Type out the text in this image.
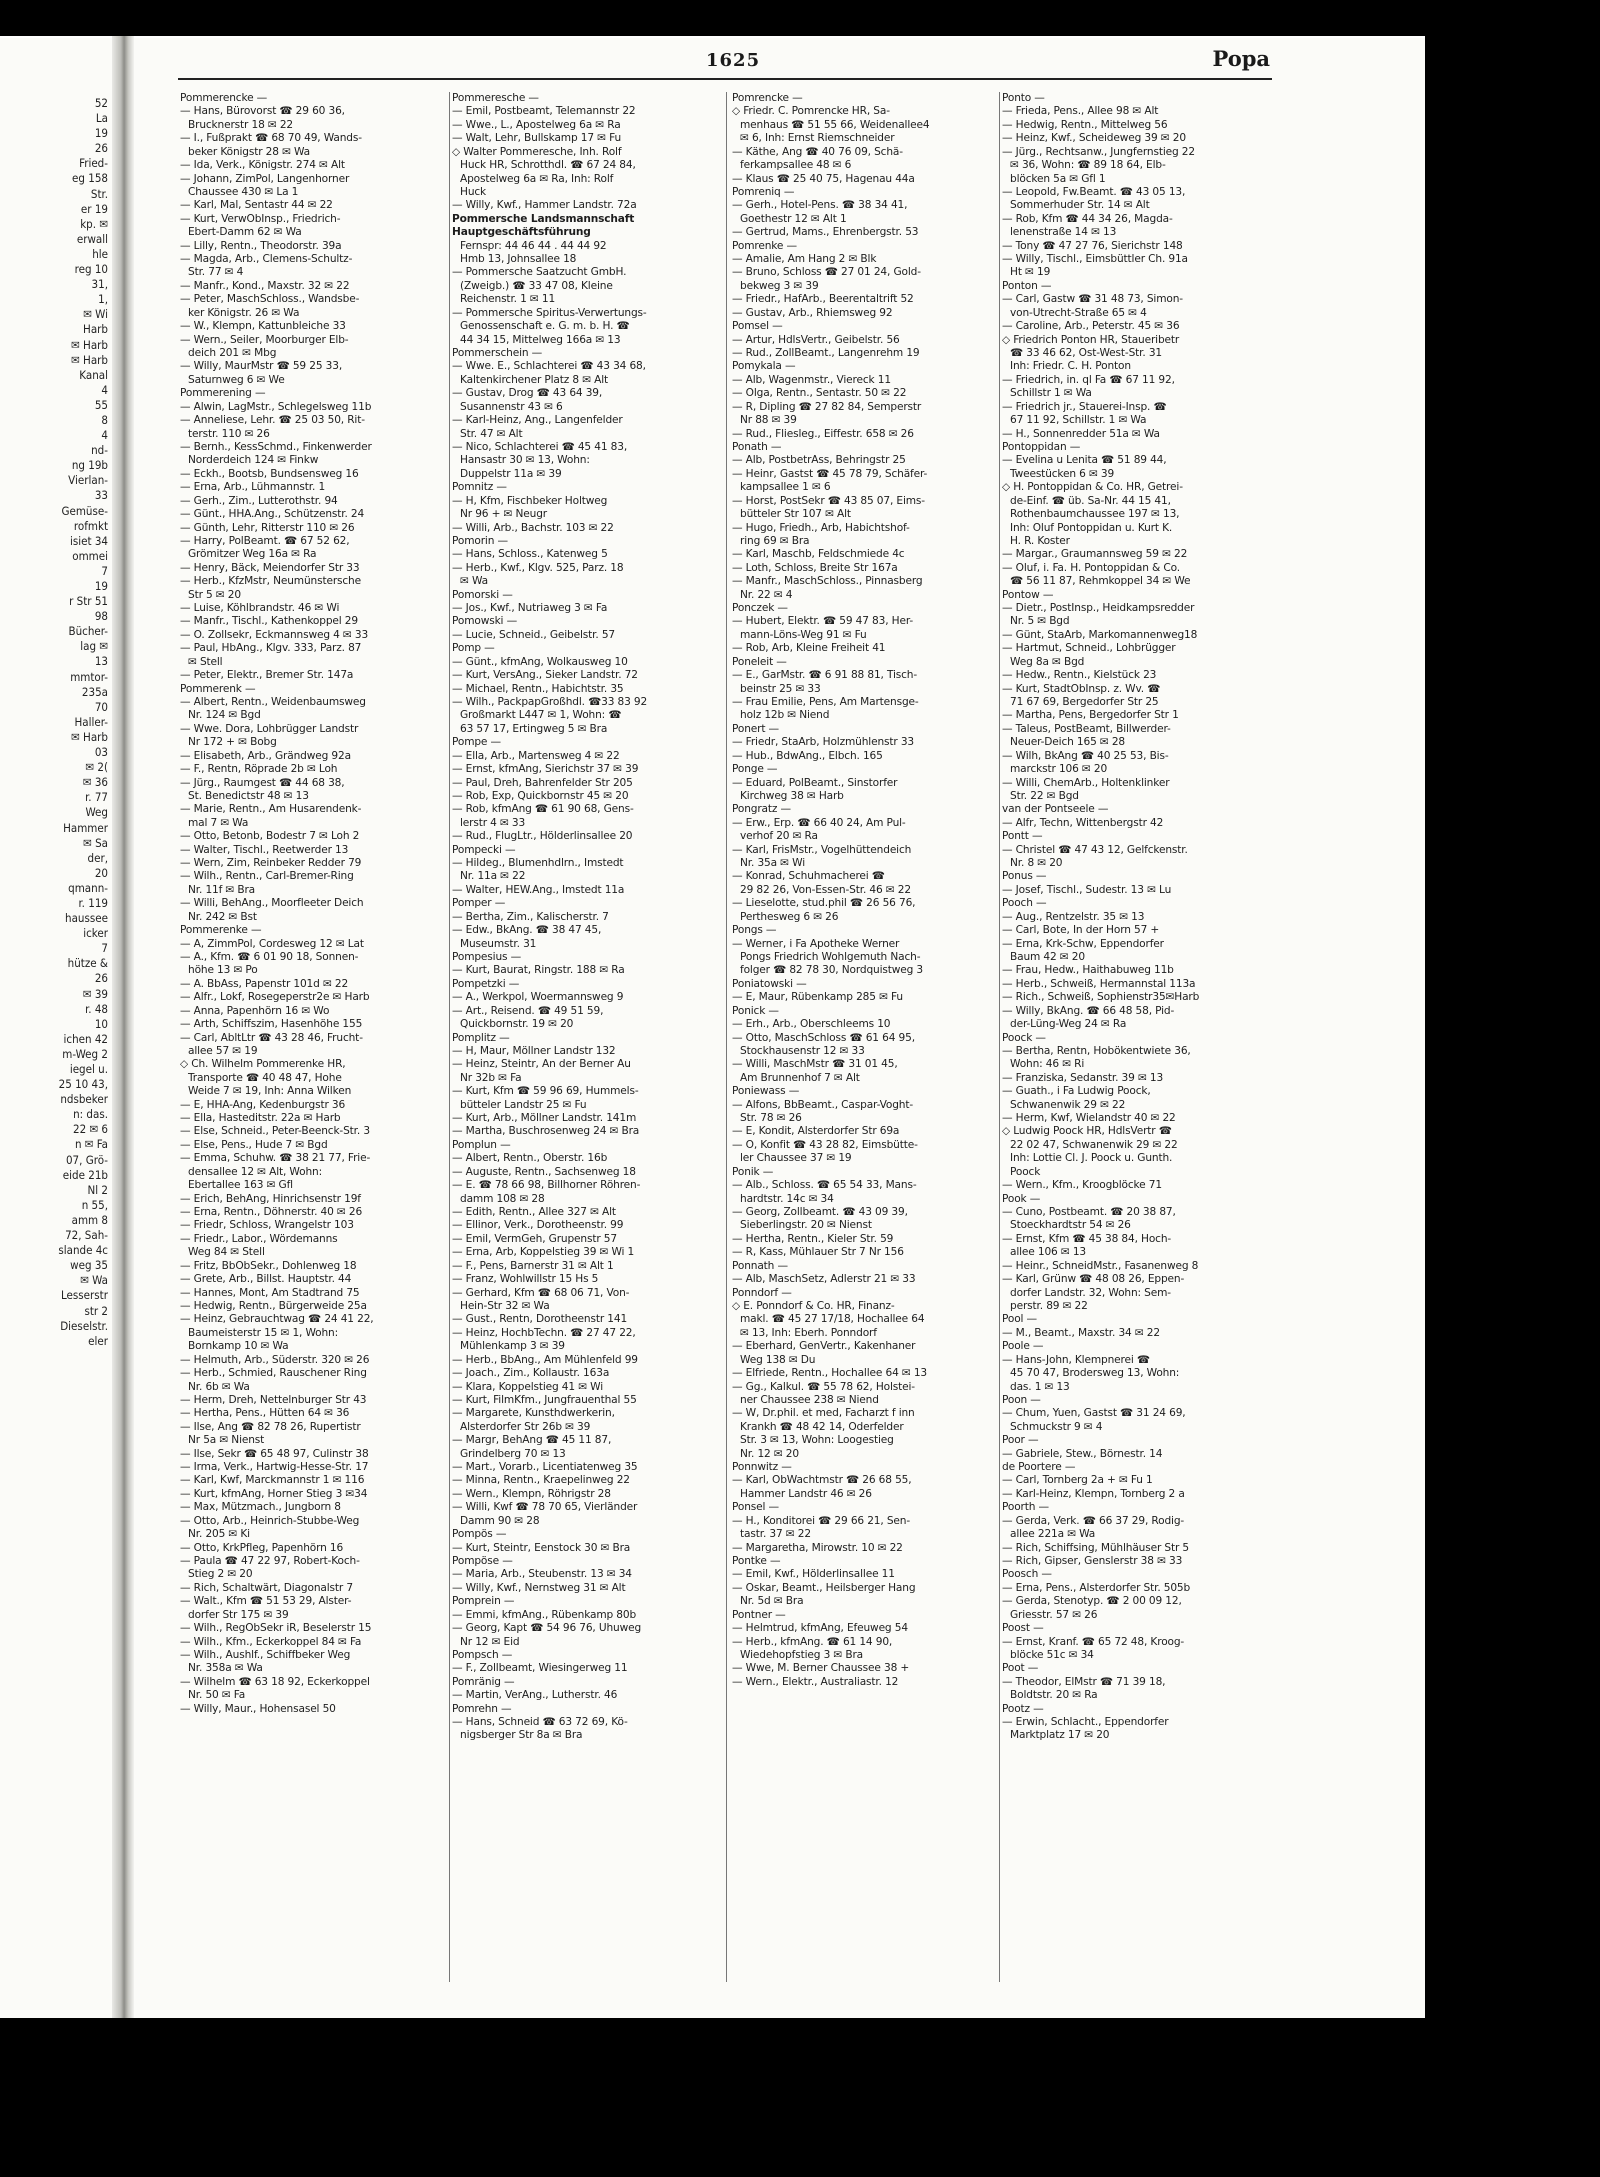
52
La
19
26
Fried-
eg 158
Str.
er 19
kp. ✉
erwall
hle
reg 10
31,
1,
✉ Wi
Harb
✉ Harb
✉ Harb
Kanal
4
55
8
4
nd-
ng 19b
Vierlan-
33
Gemüse-
rofmkt
isiet 34
ommei
7
19
r Str 51
98
Bücher-
lag ✉
13
mmtor-
235a
70
Haller-
✉ Harb
03
✉ 2(
✉ 36
r. 77
Weg
Hammer
✉ Sa
der,
20
qmann-
r. 119
haussee
icker
7
hütze &
26
✉ 39
r. 48
10
ichen 42
m-Weg 2
iegel u.
25 10 43,
ndsbeker
n: das.
22 ✉ 6
n ✉ Fa
07, Grö-
eide 21b
Nl 2
n 55,
amm 8
72, Sah-
slande 4c
weg 35
✉ Wa
Lesserstr
str 2
Dieselstr.
eler
1625	Popa
Pommerencke —
— Hans, Bürovorst ☎ 29 60 36,
Brucknerstr 18 ✉ 22
— I., Fußprakt ☎ 68 70 49, Wands-
beker Königstr 28 ✉ Wa
— Ida, Verk., Königstr. 274 ✉ Alt
— Johann, ZimPol, Langenhorner
Chaussee 430 ✉ La 1
— Karl, Mal, Sentastr 44 ✉ 22
— Kurt, VerwObInsp., Friedrich-
Ebert-Damm 62 ✉ Wa
— Lilly, Rentn., Theodorstr. 39a
— Magda, Arb., Clemens-Schultz-
Str. 77 ✉ 4
— Manfr., Kond., Maxstr. 32 ✉ 22
— Peter, MaschSchloss., Wandsbe-
ker Königstr. 26 ✉ Wa
— W., Klempn, Kattunbleiche 33
— Wern., Seiler, Moorburger Elb-
deich 201 ✉ Mbg
— Willy, MaurMstr ☎ 59 25 33,
Saturnweg 6 ✉ We
Pommerening —
— Alwin, LagMstr., Schlegelsweg 11b
— Anneliese, Lehr. ☎ 25 03 50, Rit-
terstr. 110 ✉ 26
— Bernh., KessSchmd., Finkenwerder
Norderdeich 124 ✉ Finkw
— Eckh., Bootsb, Bundsensweg 16
— Erna, Arb., Lühmannstr. 1
— Gerh., Zim., Lutterothstr. 94
— Günt., HHA.Ang., Schützenstr. 24
— Günth, Lehr, Ritterstr 110 ✉ 26
— Harry, PolBeamt. ☎ 67 52 62,
Grömitzer Weg 16a ✉ Ra
— Henry, Bäck, Meiendorfer Str 33
— Herb., KfzMstr, Neumünstersche
Str 5 ✉ 20
— Luise, Köhlbrandstr. 46 ✉ Wi
— Manfr., Tischl., Kathenkoppel 29
— O. Zollsekr, Eckmannsweg 4 ✉ 33
— Paul, HbAng., Klgv. 333, Parz. 87
✉ Stell
— Peter, Elektr., Bremer Str. 147a
Pommerenk —
— Albert, Rentn., Weidenbaumsweg
Nr. 124 ✉ Bgd
— Wwe. Dora, Lohbrügger Landstr
Nr 172 + ✉ Bobg
— Elisabeth, Arb., Grändweg 92a
— F., Rentn, Röprade 2b ✉ Loh
— Jürg., Raumgest ☎ 44 68 38,
St. Benedictstr 48 ✉ 13
— Marie, Rentn., Am Husarendenk-
mal 7 ✉ Wa
— Otto, Betonb, Bodestr 7 ✉ Loh 2
— Walter, Tischl., Reetwerder 13
— Wern, Zim, Reinbeker Redder 79
— Wilh., Rentn., Carl-Bremer-Ring
Nr. 11f ✉ Bra
— Willi, BehAng., Moorfleeter Deich
Nr. 242 ✉ Bst
Pommerenke —
— A, ZimmPol, Cordesweg 12 ✉ Lat
— A., Kfm. ☎ 6 01 90 18, Sonnen-
höhe 13 ✉ Po
— A. BbAss, Papenstr 101d ✉ 22
— Alfr., Lokf, Rosegeperstr2e ✉ Harb
— Anna, Papenhörn 16 ✉ Wo
— Arth, Schiffszim, Hasenhöhe 155
— Carl, AbltLtr ☎ 43 28 46, Frucht-
allee 57 ✉ 19
◇ Ch. Wilhelm Pommerenke HR,
Transporte ☎ 40 48 47, Hohe
Weide 7 ✉ 19, Inh: Anna Wilken
— E, HHA-Ang, Kedenburgstr 36
— Ella, Hasteditstr. 22a ✉ Harb
— Else, Schneid., Peter-Beenck-Str. 3
— Else, Pens., Hude 7 ✉ Bgd
— Emma, Schuhw. ☎ 38 21 77, Frie-
densallee 12 ✉ Alt, Wohn:
Ebertallee 163 ✉ Gfl
— Erich, BehAng, Hinrichsenstr 19f
— Erna, Rentn., Döhnerstr. 40 ✉ 26
— Friedr, Schloss, Wrangelstr 103
— Friedr., Labor., Wördemanns
Weg 84 ✉ Stell
— Fritz, BbObSekr., Dohlenweg 18
— Grete, Arb., Billst. Hauptstr. 44
— Hannes, Mont, Am Stadtrand 75
— Hedwig, Rentn., Bürgerweide 25a
— Heinz, Gebrauchtwag ☎ 24 41 22,
Baumeisterstr 15 ✉ 1, Wohn:
Bornkamp 10 ✉ Wa
— Helmuth, Arb., Süderstr. 320 ✉ 26
— Herb., Schmied, Rauschener Ring
Nr. 6b ✉ Wa
— Herm, Dreh, Nettelnburger Str 43
— Hertha, Pens., Hütten 64 ✉ 36
— Ilse, Ang ☎ 82 78 26, Rupertistr
Nr 5a ✉ Nienst
— Ilse, Sekr ☎ 65 48 97, Culinstr 38
— Irma, Verk., Hartwig-Hesse-Str. 17
— Karl, Kwf, Marckmannstr 1 ✉ 116
— Kurt, kfmAng, Horner Stieg 3 ✉34
— Max, Mützmach., Jungborn 8
— Otto, Arb., Heinrich-Stubbe-Weg
Nr. 205 ✉ Ki
— Otto, KrkPfleg, Papenhörn 16
— Paula ☎ 47 22 97, Robert-Koch-
Stieg 2 ✉ 20
— Rich, Schaltwärt, Diagonalstr 7
— Walt., Kfm ☎ 51 53 29, Alster-
dorfer Str 175 ✉ 39
— Wilh., RegObSekr iR, Beselerstr 15
— Wilh., Kfm., Eckerkoppel 84 ✉ Fa
— Wilh., Aushlf., Schiffbeker Weg
Nr. 358a ✉ Wa
— Wilhelm ☎ 63 18 92, Eckerkoppel
Nr. 50 ✉ Fa
— Willy, Maur., Hohensasel 50
Pommeresche —
— Emil, Postbeamt, Telemannstr 22
— Wwe., L., Apostelweg 6a ✉ Ra
— Walt, Lehr, Bullskamp 17 ✉ Fu
◇ Walter Pommeresche, Inh. Rolf
Huck HR, Schrotthdl. ☎ 67 24 84,
Apostelweg 6a ✉ Ra, Inh: Rolf
Huck
— Willy, Kwf., Hammer Landstr. 72a
Pommersche Landsmannschaft
Hauptgeschäftsführung
Fernspr: 44 46 44 . 44 44 92
Hmb 13, Johnsallee 18
— Pommersche Saatzucht GmbH.
(Zweigb.) ☎ 33 47 08, Kleine
Reichenstr. 1 ✉ 11
— Pommersche Spiritus-Verwertungs-
Genossenschaft e. G. m. b. H. ☎
44 34 15, Mittelweg 166a ✉ 13
Pommerschein —
— Wwe. E., Schlachterei ☎ 43 34 68,
Kaltenkirchener Platz 8 ✉ Alt
— Gustav, Drog ☎ 43 64 39,
Susannenstr 43 ✉ 6
— Karl-Heinz, Ang., Langenfelder
Str. 47 ✉ Alt
— Nico, Schlachterei ☎ 45 41 83,
Hansastr 30 ✉ 13, Wohn:
Duppelstr 11a ✉ 39
Pomnitz —
— H, Kfm, Fischbeker Holtweg
Nr 96 + ✉ Neugr
— Willi, Arb., Bachstr. 103 ✉ 22
Pomorin —
— Hans, Schloss., Katenweg 5
— Herb., Kwf., Klgv. 525, Parz. 18
✉ Wa
Pomorski —
— Jos., Kwf., Nutriaweg 3 ✉ Fa
Pomowski —
— Lucie, Schneid., Geibelstr. 57
Pomp —
— Günt., kfmAng, Wolkausweg 10
— Kurt, VersAng., Sieker Landstr. 72
— Michael, Rentn., Habichtstr. 35
— Wilh., PackpapGroßhdl. ☎33 83 92
Großmarkt L447 ✉ 1, Wohn: ☎
63 57 17, Ertingweg 5 ✉ Bra
Pompe —
— Ella, Arb., Martensweg 4 ✉ 22
— Ernst, kfmAng, Sierichstr 37 ✉ 39
— Paul, Dreh, Bahrenfelder Str 205
— Rob, Exp, Quickbornstr 45 ✉ 20
— Rob, kfmAng ☎ 61 90 68, Gens-
lerstr 4 ✉ 33
— Rud., FlugLtr., Hölderlinsallee 20
Pompecki —
— Hildeg., Blumenhdlrn., Imstedt
Nr. 11a ✉ 22
— Walter, HEW.Ang., Imstedt 11a
Pomper —
— Bertha, Zim., Kalischerstr. 7
— Edw., BkAng. ☎ 38 47 45,
Museumstr. 31
Pompesius —
— Kurt, Baurat, Ringstr. 188 ✉ Ra
Pompetzki —
— A., Werkpol, Woermannsweg 9
— Art., Reisend. ☎ 49 51 59,
Quickbornstr. 19 ✉ 20
Pomplitz —
— H, Maur, Möllner Landstr 132
— Heinz, Steintr, An der Berner Au
Nr 32b ✉ Fa
— Kurt, Kfm ☎ 59 96 69, Hummels-
bütteler Landstr 25 ✉ Fu
— Kurt, Arb., Möllner Landstr. 141m
— Martha, Buschrosenweg 24 ✉ Bra
Pomplun —
— Albert, Rentn., Oberstr. 16b
— Auguste, Rentn., Sachsenweg 18
— E. ☎ 78 66 98, Billhorner Röhren-
damm 108 ✉ 28
— Edith, Rentn., Allee 327 ✉ Alt
— Ellinor, Verk., Dorotheenstr. 99
— Emil, VermGeh, Grupenstr 57
— Erna, Arb, Koppelstieg 39 ✉ Wi 1
— F., Pens, Barnerstr 31 ✉ Alt 1
— Franz, Wohlwillstr 15 Hs 5
— Gerhard, Kfm ☎ 68 06 71, Von-
Hein-Str 32 ✉ Wa
— Gust., Rentn, Dorotheenstr 141
— Heinz, HochbTechn. ☎ 27 47 22,
Mühlenkamp 3 ✉ 39
— Herb., BbAng., Am Mühlenfeld 99
— Joach., Zim., Kollaustr. 163a
— Klara, Koppelstieg 41 ✉ Wi
— Kurt, FilmKfm., Jungfrauenthal 55
— Margarete, Kunsthdwerkerin,
Alsterdorfer Str 26b ✉ 39
— Margr, BehAng ☎ 45 11 87,
Grindelberg 70 ✉ 13
— Mart., Vorarb., Licentiatenweg 35
— Minna, Rentn., Kraepelinweg 22
— Wern., Klempn, Röhrigstr 28
— Willi, Kwf ☎ 78 70 65, Vierländer
Damm 90 ✉ 28
Pompös —
— Kurt, Steintr, Eenstock 30 ✉ Bra
Pompöse —
— Maria, Arb., Steubenstr. 13 ✉ 34
— Willy, Kwf., Nernstweg 31 ✉ Alt
Pomprein —
— Emmi, kfmAng., Rübenkamp 80b
— Georg, Kapt ☎ 54 96 76, Uhuweg
Nr 12 ✉ Eid
Pompsch —
— F., Zollbeamt, Wiesingerweg 11
Pomränig —
— Martin, VerAng., Lutherstr. 46
Pomrehn —
— Hans, Schneid ☎ 63 72 69, Kö-
nigsberger Str 8a ✉ Bra
Pomrencke —
◇ Friedr. C. Pomrencke HR, Sa-
menhaus ☎ 51 55 66, Weidenallee4
✉ 6, Inh: Ernst Riemschneider
— Käthe, Ang ☎ 40 76 09, Schä-
ferkampsallee 48 ✉ 6
— Klaus ☎ 25 40 75, Hagenau 44a
Pomreniq —
— Gerh., Hotel-Pens. ☎ 38 34 41,
Goethestr 12 ✉ Alt 1
— Gertrud, Mams., Ehrenbergstr. 53
Pomrenke —
— Amalie, Am Hang 2 ✉ Blk
— Bruno, Schloss ☎ 27 01 24, Gold-
bekweg 3 ✉ 39
— Friedr., HafArb., Beerentaltrift 52
— Gustav, Arb., Rhiemsweg 92
Pomsel —
— Artur, HdlsVertr., Geibelstr. 56
— Rud., ZollBeamt., Langenrehm 19
Pomykala —
— Alb, Wagenmstr., Viereck 11
— Olga, Rentn., Sentastr. 50 ✉ 22
— R, Dipling ☎ 27 82 84, Semperstr
Nr 88 ✉ 39
— Rud., Fliesleg., Eiffestr. 658 ✉ 26
Ponath —
— Alb, PostbetrAss, Behringstr 25
— Heinr, Gastst ☎ 45 78 79, Schäfer-
kampsallee 1 ✉ 6
— Horst, PostSekr ☎ 43 85 07, Eims-
bütteler Str 107 ✉ Alt
— Hugo, Friedh., Arb, Habichtshof-
ring 69 ✉ Bra
— Karl, Maschb, Feldschmiede 4c
— Loth, Schloss, Breite Str 167a
— Manfr., MaschSchloss., Pinnasberg
Nr. 22 ✉ 4
Ponczek —
— Hubert, Elektr. ☎ 59 47 83, Her-
mann-Löns-Weg 91 ✉ Fu
— Rob, Arb, Kleine Freiheit 41
Poneleit —
— E., GarMstr. ☎ 6 91 88 81, Tisch-
beinstr 25 ✉ 33
— Frau Emilie, Pens, Am Martensge-
holz 12b ✉ Niend
Ponert —
— Friedr, StaArb, Holzmühlenstr 33
— Hub., BdwAng., Elbch. 165
Ponge —
— Eduard, PolBeamt., Sinstorfer
Kirchweg 38 ✉ Harb
Pongratz —
— Erw., Erp. ☎ 66 40 24, Am Pul-
verhof 20 ✉ Ra
— Karl, FrisMstr., Vogelhüttendeich
Nr. 35a ✉ Wi
— Konrad, Schuhmacherei ☎
29 82 26, Von-Essen-Str. 46 ✉ 22
— Lieselotte, stud.phil ☎ 26 56 76,
Perthesweg 6 ✉ 26
Pongs —
— Werner, i Fa Apotheke Werner
Pongs Friedrich Wohlgemuth Nach-
folger ☎ 82 78 30, Nordquistweg 3
Poniatowski —
— E, Maur, Rübenkamp 285 ✉ Fu
Ponick —
— Erh., Arb., Oberschleems 10
— Otto, MaschSchloss ☎ 61 64 95,
Stockhausenstr 12 ✉ 33
— Willi, MaschMstr ☎ 31 01 45,
Am Brunnenhof 7 ✉ Alt
Poniewass —
— Alfons, BbBeamt., Caspar-Voght-
Str. 78 ✉ 26
— E, Kondit, Alsterdorfer Str 69a
— O, Konfit ☎ 43 28 82, Eimsbütte-
ler Chaussee 37 ✉ 19
Ponik —
— Alb., Schloss. ☎ 65 54 33, Mans-
hardtstr. 14c ✉ 34
— Georg, Zollbeamt. ☎ 43 09 39,
Sieberlingstr. 20 ✉ Nienst
— Hertha, Rentn., Kieler Str. 59
— R, Kass, Mühlauer Str 7 Nr 156
Ponnath —
— Alb, MaschSetz, Adlerstr 21 ✉ 33
Ponndorf —
◇ E. Ponndorf & Co. HR, Finanz-
makl. ☎ 45 27 17/18, Hochallee 64
✉ 13, Inh: Eberh. Ponndorf
— Eberhard, GenVertr., Kakenhaner
Weg 138 ✉ Du
— Elfriede, Rentn., Hochallee 64 ✉ 13
— Gg., Kalkul. ☎ 55 78 62, Holstei-
ner Chaussee 238 ✉ Niend
— W, Dr.phil. et med, Facharzt f inn
Krankh ☎ 48 42 14, Oderfelder
Str. 3 ✉ 13, Wohn: Loogestieg
Nr. 12 ✉ 20
Ponnwitz —
— Karl, ObWachtmstr ☎ 26 68 55,
Hammer Landstr 46 ✉ 26
Ponsel —
— H., Konditorei ☎ 29 66 21, Sen-
tastr. 37 ✉ 22
— Margaretha, Mirowstr. 10 ✉ 22
Pontke —
— Emil, Kwf., Hölderlinsallee 11
— Oskar, Beamt., Heilsberger Hang
Nr. 5d ✉ Bra
Pontner —
— Helmtrud, kfmAng, Efeuweg 54
— Herb., kfmAng. ☎ 61 14 90,
Wiedehopfstieg 3 ✉ Bra
— Wwe, M. Berner Chaussee 38 +
— Wern., Elektr., Australiastr. 12
Ponto —
— Frieda, Pens., Allee 98 ✉ Alt
— Hedwig, Rentn., Mittelweg 56
— Heinz, Kwf., Scheideweg 39 ✉ 20
— Jürg., Rechtsanw., Jungfernstieg 22
✉ 36, Wohn: ☎ 89 18 64, Elb-
blöcken 5a ✉ Gfl 1
— Leopold, Fw.Beamt. ☎ 43 05 13,
Sommerhuder Str. 14 ✉ Alt
— Rob, Kfm ☎ 44 34 26, Magda-
lenenstraße 14 ✉ 13
— Tony ☎ 47 27 76, Sierichstr 148
— Willy, Tischl., Eimsbüttler Ch. 91a
Ht ✉ 19
Ponton —
— Carl, Gastw ☎ 31 48 73, Simon-
von-Utrecht-Straße 65 ✉ 4
— Caroline, Arb., Peterstr. 45 ✉ 36
◇ Friedrich Ponton HR, Staueribetr
☎ 33 46 62, Ost-West-Str. 31
Inh: Friedr. C. H. Ponton
— Friedrich, in. ql Fa ☎ 67 11 92,
Schillstr 1 ✉ Wa
— Friedrich jr., Stauerei-Insp. ☎
67 11 92, Schillstr. 1 ✉ Wa
— H., Sonnenredder 51a ✉ Wa
Pontoppidan —
— Evelina u Lenita ☎ 51 89 44,
Tweestücken 6 ✉ 39
◇ H. Pontoppidan & Co. HR, Getrei-
de-Einf. ☎ üb. Sa-Nr. 44 15 41,
Rothenbaumchaussee 197 ✉ 13,
Inh: Oluf Pontoppidan u. Kurt K.
H. R. Koster
— Margar., Graumannsweg 59 ✉ 22
— Oluf, i. Fa. H. Pontoppidan & Co.
☎ 56 11 87, Rehmkoppel 34 ✉ We
Pontow —
— Dietr., PostInsp., Heidkampsredder
Nr. 5 ✉ Bgd
— Günt, StaArb, Markomannenweg18
— Hartmut, Schneid., Lohbrügger
Weg 8a ✉ Bgd
— Hedw., Rentn., Kielstück 23
— Kurt, StadtObInsp. z. Wv. ☎
71 67 69, Bergedorfer Str 25
— Martha, Pens, Bergedorfer Str 1
— Taleus, PostBeamt, Billwerder-
Neuer-Deich 165 ✉ 28
— Wilh, BkAng ☎ 40 25 53, Bis-
marckstr 106 ✉ 20
— Willi, ChemArb., Holtenklinker
Str. 22 ✉ Bgd
van der Pontseele —
— Alfr, Techn, Wittenbergstr 42
Pontt —
— Christel ☎ 47 43 12, Gelfckenstr.
Nr. 8 ✉ 20
Ponus —
— Josef, Tischl., Sudestr. 13 ✉ Lu
Pooch —
— Aug., Rentzelstr. 35 ✉ 13
— Carl, Bote, In der Horn 57 +
— Erna, Krk-Schw, Eppendorfer
Baum 42 ✉ 20
— Frau, Hedw., Haithabuweg 11b
— Herb., Schweiß, Hermannstal 113a
— Rich., Schweiß, Sophienstr35✉Harb
— Willy, BkAng. ☎ 66 48 58, Pid-
der-Lüng-Weg 24 ✉ Ra
Poock —
— Bertha, Rentn, Hobökentwiete 36,
Wohn: 46 ✉ Ri
— Franziska, Sedanstr. 39 ✉ 13
— Guath., i Fa Ludwig Poock,
Schwanenwik 29 ✉ 22
— Herm, Kwf, Wielandstr 40 ✉ 22
◇ Ludwig Poock HR, HdlsVertr ☎
22 02 47, Schwanenwik 29 ✉ 22
Inh: Lottie Cl. J. Poock u. Gunth.
Poock
— Wern., Kfm., Kroogblöcke 71
Pook —
— Cuno, Postbeamt. ☎ 20 38 87,
Stoeckhardtstr 54 ✉ 26
— Ernst, Kfm ☎ 45 38 84, Hoch-
allee 106 ✉ 13
— Heinr., SchneidMstr., Fasanenweg 8
— Karl, Grünw ☎ 48 08 26, Eppen-
dorfer Landstr. 32, Wohn: Sem-
perstr. 89 ✉ 22
Pool —
— M., Beamt., Maxstr. 34 ✉ 22
Poole —
— Hans-John, Klempnerei ☎
45 70 47, Brodersweg 13, Wohn:
das. 1 ✉ 13
Poon —
— Chum, Yuen, Gastst ☎ 31 24 69,
Schmuckstr 9 ✉ 4
Poor —
— Gabriele, Stew., Börnestr. 14
de Poortere —
— Carl, Tornberg 2a + ✉ Fu 1
— Karl-Heinz, Klempn, Tornberg 2 a
Poorth —
— Gerda, Verk. ☎ 66 37 29, Rodig-
allee 221a ✉ Wa
— Rich, Schiffsing, Mühlhäuser Str 5
— Rich, Gipser, Genslerstr 38 ✉ 33
Poosch —
— Erna, Pens., Alsterdorfer Str. 505b
— Gerda, Stenotyp. ☎ 2 00 09 12,
Griesstr. 57 ✉ 26
Poost —
— Ernst, Kranf. ☎ 65 72 48, Kroog-
blöcke 51c ✉ 34
Poot —
— Theodor, ElMstr ☎ 71 39 18,
Boldtstr. 20 ✉ Ra
Pootz —
— Erwin, Schlacht., Eppendorfer
Marktplatz 17 ✉ 20
